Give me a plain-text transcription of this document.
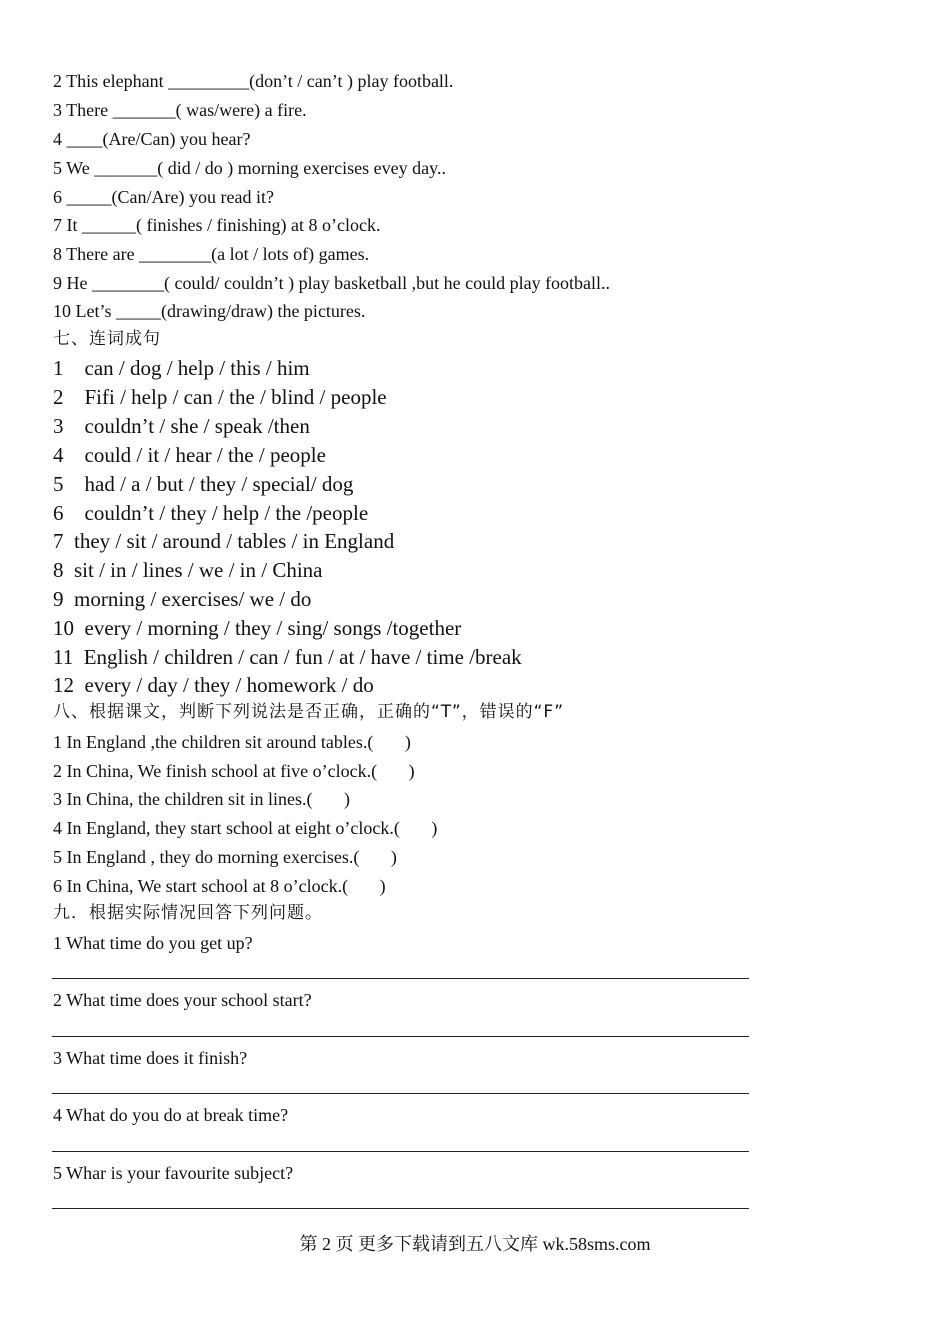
2 This elephant _________(don’t / can’t ) play football.
3 There _______( was/were) a fire.
4 ____(Are/Can) you hear?
5 We _______( did / do ) morning exercises evey day..
6 _____(Can/Are) you read it?
7 It ______( finishes / finishing) at 8 o’clock.
8 There are ________(a lot / lots of) games.
9 He ________( could/ couldn’t ) play basketball ,but he could play football..
10 Let’s _____(drawing/draw) the pictures.
七、连词成句
1    can / dog / help / this / him
2    Fifi / help / can / the / blind / people
3    couldn’t / she / speak /then
4    could / it / hear / the / people
5    had / a / but / they / special/ dog
6    couldn’t / they / help / the /people
7  they / sit / around / tables / in England
8  sit / in / lines / we / in / China
9  morning / exercises/ we / do
10  every / morning / they / sing/ songs /together
11  English / children / can / fun / at / have / time /break
12  every / day / they / homework / do
八、根据课文，判断下列说法是否正确，正确的“T”，错误的“F”
1 In England ,the children sit around tables.(       )
2 In China, We finish school at five o’clock.(       )
3 In China, the children sit in lines.(       )
4 In England, they start school at eight o’clock.(       )
5 In England , they do morning exercises.(       )
6 In China, We start school at 8 o’clock.(       )
九．根据实际情况回答下列问题。
1 What time do you get up?
2 What time does your school start?
3 What time does it finish?
4 What do you do at break time?
5 Whar is your favourite subject?
第 2 页 更多下载请到五八文库 wk.58sms.com
